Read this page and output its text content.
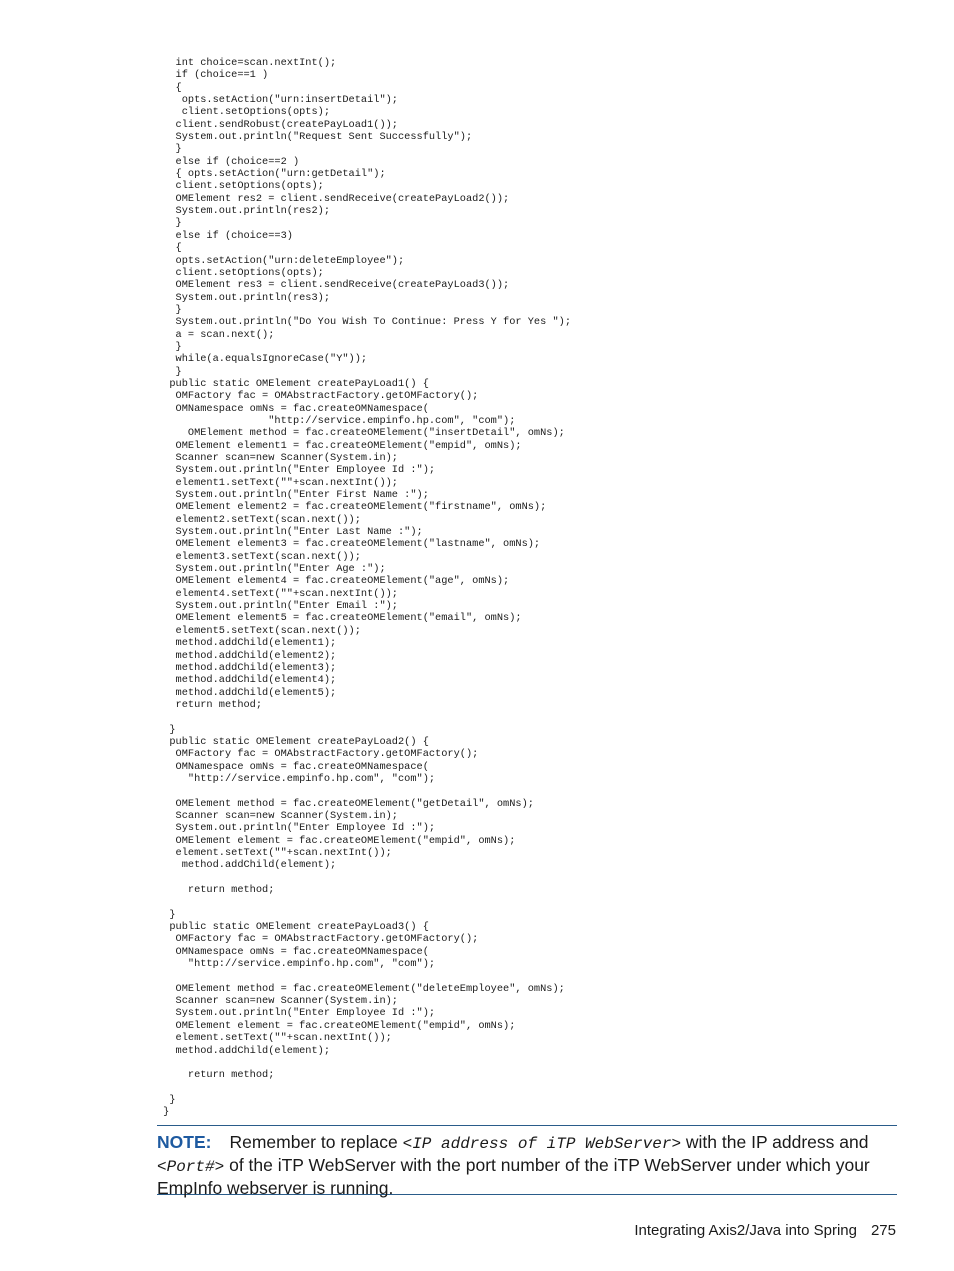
int choice=scan.nextInt();
if (choice==1 )
{
opts.setAction("urn:insertDetail");
client.setOptions(opts);
client.sendRobust(createPayLoad1());
System.out.println("Request Sent Successfully");
}
else if (choice==2 )
{ opts.setAction("urn:getDetail");
client.setOptions(opts);
OMElement res2 = client.sendReceive(createPayLoad2());
System.out.println(res2);
}
else if (choice==3)
{
opts.setAction("urn:deleteEmployee");
client.setOptions(opts);
OMElement res3 = client.sendReceive(createPayLoad3());
System.out.println(res3);
}
System.out.println("Do You Wish To Continue: Press Y for Yes ");
a = scan.next();
}
while(a.equalsIgnoreCase("Y"));
}
public static OMElement createPayLoad1() {
OMFactory fac = OMAbstractFactory.getOMFactory();
OMNamespace omNs = fac.createOMNamespace(
"http://service.empinfo.hp.com", "com");
OMElement method = fac.createOMElement("insertDetail", omNs);
OMElement element1 = fac.createOMElement("empid", omNs);
Scanner scan=new Scanner(System.in);
System.out.println("Enter Employee Id :");
element1.setText(""+scan.nextInt());
System.out.println("Enter First Name :");
OMElement element2 = fac.createOMElement("firstname", omNs);
element2.setText(scan.next());
System.out.println("Enter Last Name :");
OMElement element3 = fac.createOMElement("lastname", omNs);
element3.setText(scan.next());
System.out.println("Enter Age :");
OMElement element4 = fac.createOMElement("age", omNs);
element4.setText(""+scan.nextInt());
System.out.println("Enter Email :");
OMElement element5 = fac.createOMElement("email", omNs);
element5.setText(scan.next());
method.addChild(element1);
method.addChild(element2);
method.addChild(element3);
method.addChild(element4);
method.addChild(element5);
return method;
}
public static OMElement createPayLoad2() {
OMFactory fac = OMAbstractFactory.getOMFactory();
OMNamespace omNs = fac.createOMNamespace(
"http://service.empinfo.hp.com", "com");
OMElement method = fac.createOMElement("getDetail", omNs);
Scanner scan=new Scanner(System.in);
System.out.println("Enter Employee Id :");
OMElement element = fac.createOMElement("empid", omNs);
element.setText(""+scan.nextInt());
method.addChild(element);
return method;
}
public static OMElement createPayLoad3() {
OMFactory fac = OMAbstractFactory.getOMFactory();
OMNamespace omNs = fac.createOMNamespace(
"http://service.empinfo.hp.com", "com");
OMElement method = fac.createOMElement("deleteEmployee", omNs);
Scanner scan=new Scanner(System.in);
System.out.println("Enter Employee Id :");
OMElement element = fac.createOMElement("empid", omNs);
element.setText(""+scan.nextInt());
method.addChild(element);
return method;
}
}
NOTE: Remember to replace <IP address of iTP WebServer> with the IP address and <Port#> of the iTP WebServer with the port number of the iTP WebServer under which your EmpInfo webserver is running.
Integrating Axis2/Java into Spring 275
